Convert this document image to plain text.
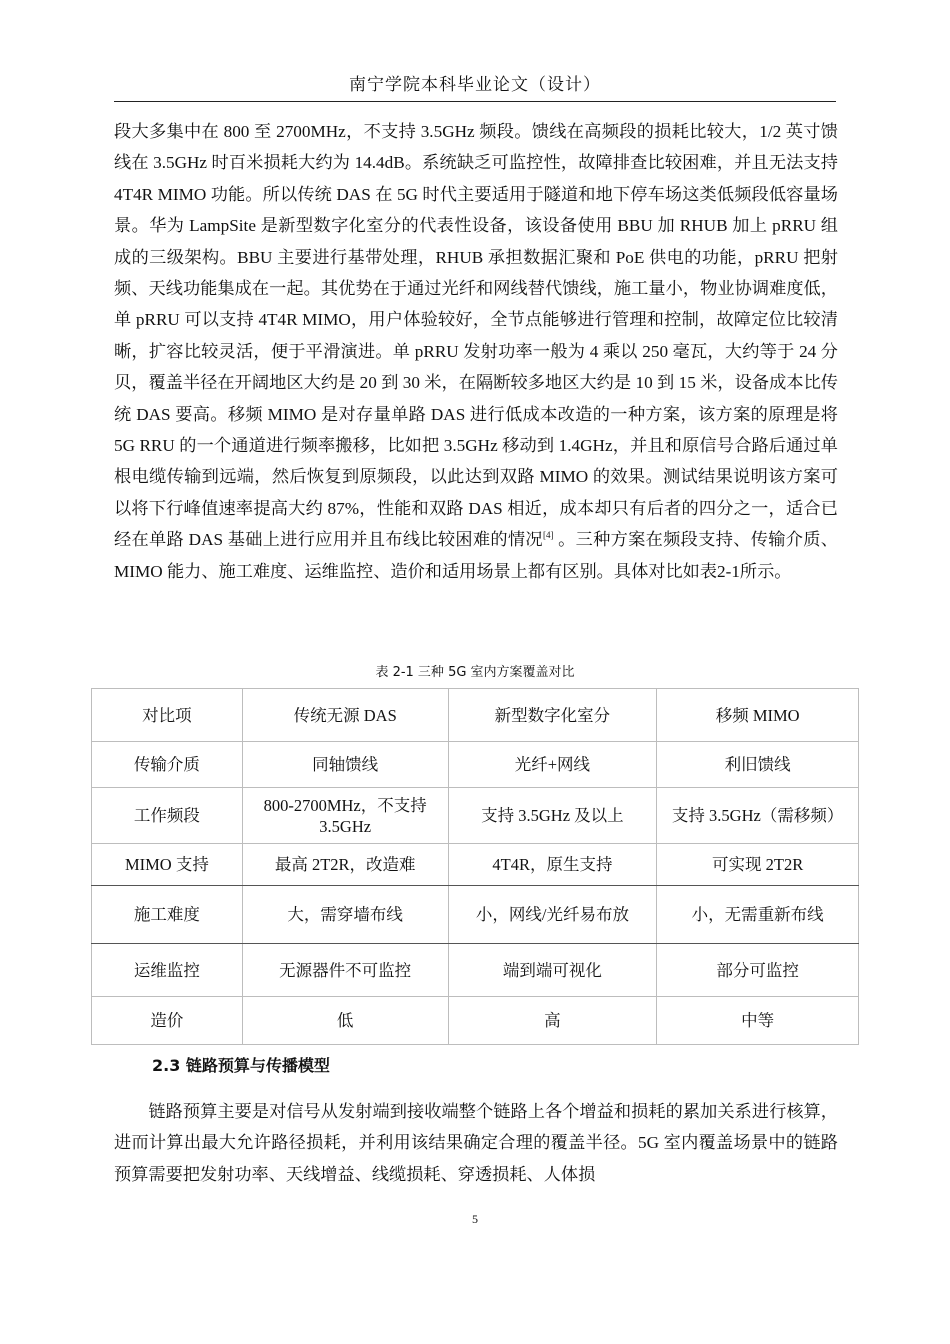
南宁学院本科毕业论文（设计）

段大多集中在 800 至 2700MHz，不支持 3.5GHz 频段。馈线在高频段的损耗比较大，1/2 英寸馈线在 3.5GHz 时百米损耗大约为 14.4dB。系统缺乏可监控性，故障排查比较困难，并且无法支持 4T4R MIMO 功能。所以传统 DAS 在 5G 时代主要适用于隧道和地下停车场这类低频段低容量场景。华为 LampSite 是新型数字化室分的代表性设备，该设备使用 BBU 加 RHUB 加上 pRRU 组成的三级架构。BBU 主要进行基带处理，RHUB 承担数据汇聚和 PoE 供电的功能，pRRU 把射频、天线功能集成在一起。其优势在于通过光纤和网线替代馈线，施工量小，物业协调难度低，单 pRRU 可以支持 4T4R MIMO，用户体验较好，全节点能够进行管理和控制，故障定位比较清晰，扩容比较灵活，便于平滑演进。单 pRRU 发射功率一般为 4 乘以 250 毫瓦，大约等于 24 分贝，覆盖半径在开阔地区大约是 20 到 30 米，在隔断较多地区大约是 10 到 15 米，设备成本比传统 DAS 要高。移频 MIMO 是对存量单路 DAS 进行低成本改造的一种方案，该方案的原理是将 5G RRU 的一个通道进行频率搬移，比如把 3.5GHz 移动到 1.4GHz，并且和原信号合路后通过单根电缆传输到远端，然后恢复到原频段，以此达到双路 MIMO 的效果。测试结果说明该方案可以将下行峰值速率提高大约 87%，性能和双路 DAS 相近，成本却只有后者的四分之一，适合已经在单路 DAS 基础上进行应用并且布线比较困难的情况[4] 。三种方案在频段支持、传输介质、MIMO 能力、施工难度、运维监控、造价和适用场景上都有区别。具体对比如表2-1所示。

表 2-1 三种 5G 室内方案覆盖对比
对比项	传统无源 DAS	新型数字化室分	移频 MIMO
传输介质	同轴馈线	光纤+网线	利旧馈线
工作频段	800-2700MHz，不支持 3.5GHz	支持 3.5GHz 及以上	支持 3.5GHz（需移频）
MIMO 支持	最高 2T2R，改造难	4T4R，原生支持	可实现 2T2R
施工难度	大，需穿墙布线	小，网线/光纤易布放	小，无需重新布线
运维监控	无源器件不可监控	端到端可视化	部分可监控
造价	低	高	中等
2.3 链路预算与传播模型

链路预算主要是对信号从发射端到接收端整个链路上各个增益和损耗的累加关系进行核算，进而计算出最大允许路径损耗，并利用该结果确定合理的覆盖半径。5G 室内覆盖场景中的链路预算需要把发射功率、天线增益、线缆损耗、穿透损耗、人体损

5
